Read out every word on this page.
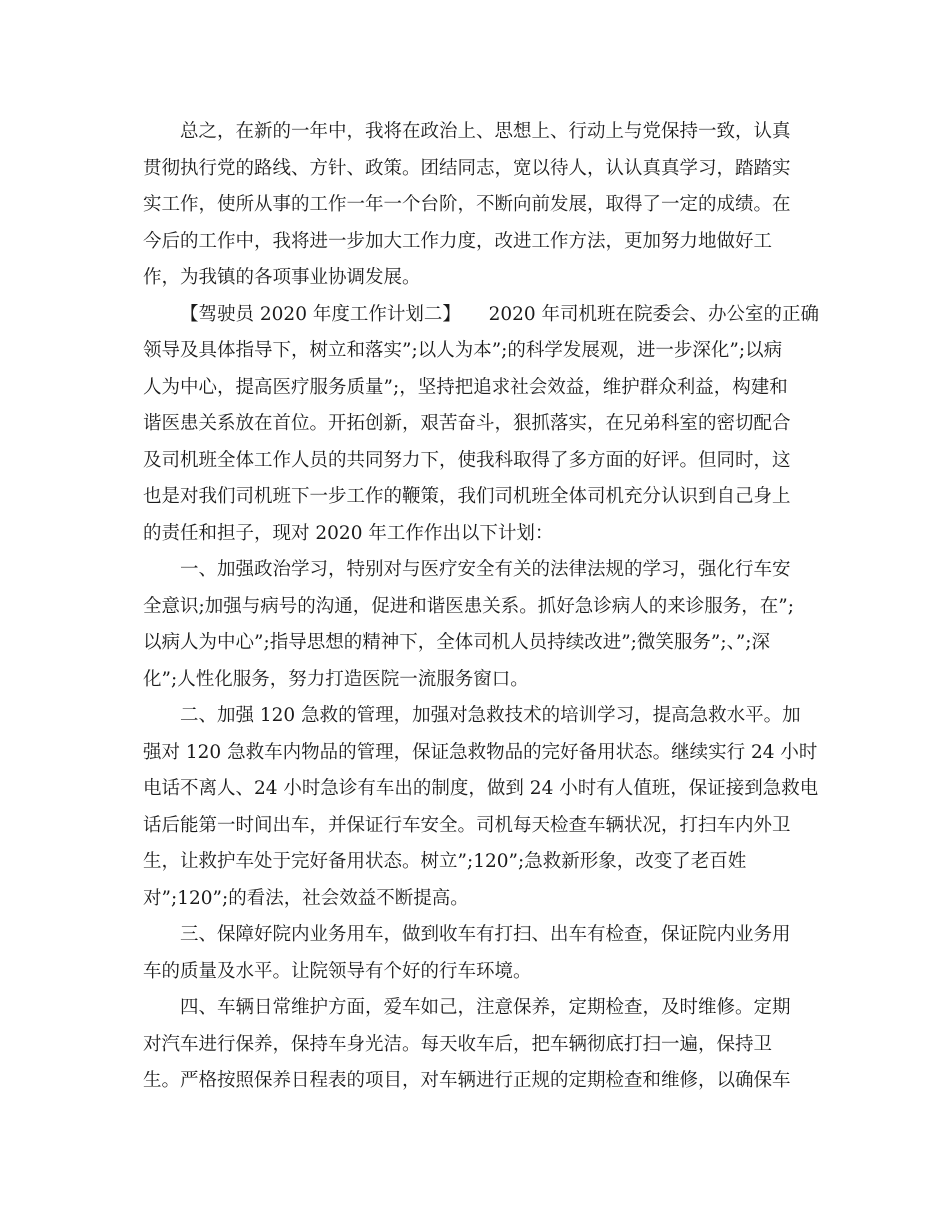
总之，在新的一年中，我将在政治上、思想上、行动上与党保持一致，认真
贯彻执行党的路线、方针、政策。团结同志，宽以待人，认认真真学习，踏踏实
实工作，使所从事的工作一年一个台阶，不断向前发展，取得了一定的成绩。在
今后的工作中，我将进一步加大工作力度，改进工作方法，更加努力地做好工
作，为我镇的各项事业协调发展。

【驾驶员 2020 年度工作计划二】　　2020 年司机班在院委会、办公室的正确
领导及具体指导下，树立和落实”;以人为本”;的科学发展观，进一步深化”;以病
人为中心，提高医疗服务质量”;，坚持把追求社会效益，维护群众利益，构建和
谐医患关系放在首位。开拓创新，艰苦奋斗，狠抓落实，在兄弟科室的密切配合
及司机班全体工作人员的共同努力下，使我科取得了多方面的好评。但同时，这
也是对我们司机班下一步工作的鞭策，我们司机班全体司机充分认识到自己身上
的责任和担子，现对 2020 年工作作出以下计划：

一、加强政治学习，特别对与医疗安全有关的法律法规的学习，强化行车安
全意识;加强与病号的沟通，促进和谐医患关系。抓好急诊病人的来诊服务，在”;
以病人为中心”;指导思想的精神下，全体司机人员持续改进”;微笑服务”;、”;深
化”;人性化服务，努力打造医院一流服务窗口。

二、加强 120 急救的管理，加强对急救技术的培训学习，提高急救水平。加
强对 120 急救车内物品的管理，保证急救物品的完好备用状态。继续实行 24 小时
电话不离人、24 小时急诊有车出的制度，做到 24 小时有人值班，保证接到急救电
话后能第一时间出车，并保证行车安全。司机每天检查车辆状况，打扫车内外卫
生，让救护车处于完好备用状态。树立”;120”;急救新形象，改变了老百姓
对”;120”;的看法，社会效益不断提高。

三、保障好院内业务用车，做到收车有打扫、出车有检查，保证院内业务用
车的质量及水平。让院领导有个好的行车环境。

四、车辆日常维护方面，爱车如己，注意保养，定期检查，及时维修。定期
对汽车进行保养，保持车身光洁。每天收车后，把车辆彻底打扫一遍，保持卫
生。严格按照保养日程表的项目，对车辆进行正规的定期检查和维修，以确保车
